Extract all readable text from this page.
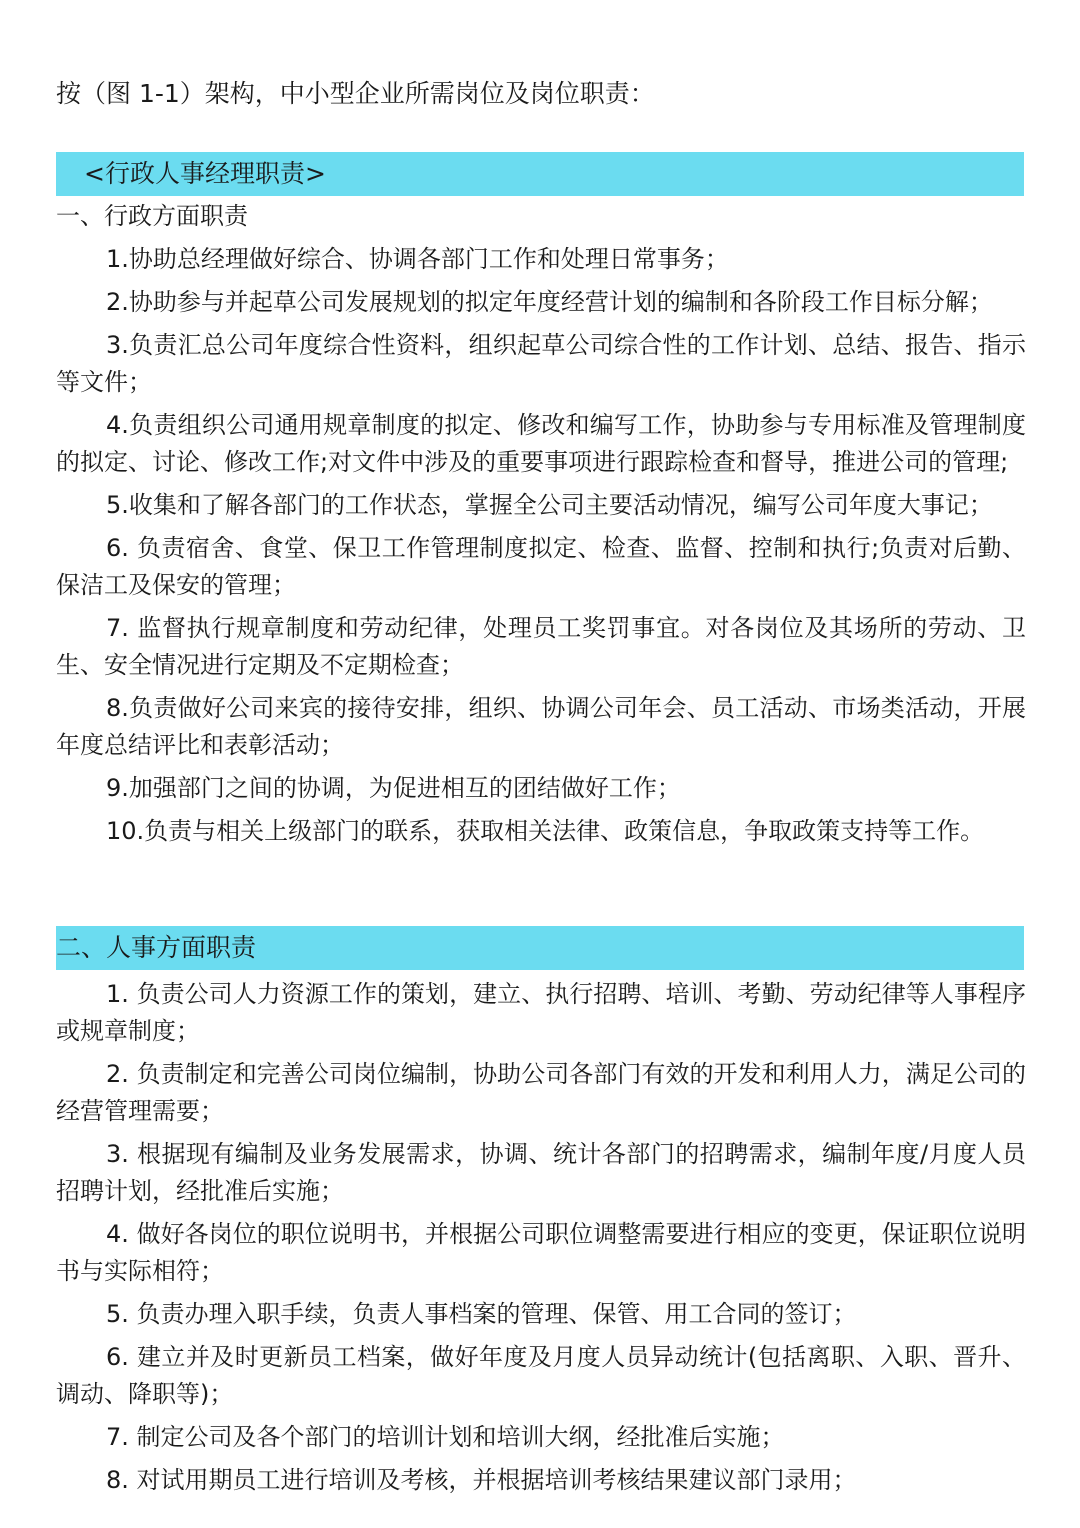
按（图 1-1）架构，中小型企业所需岗位及岗位职责：
<行政人事经理职责>
一、行政方面职责
1.协助总经理做好综合、协调各部门工作和处理日常事务；
2.协助参与并起草公司发展规划的拟定年度经营计划的编制和各阶段工作目标分解；
3.负责汇总公司年度综合性资料，组织起草公司综合性的工作计划、总结、报告、指示等文件；
4.负责组织公司通用规章制度的拟定、修改和编写工作，协助参与专用标准及管理制度的拟定、讨论、修改工作;对文件中涉及的重要事项进行跟踪检查和督导，推进公司的管理;
5.收集和了解各部门的工作状态，掌握全公司主要活动情况，编写公司年度大事记；
6. 负责宿舍、食堂、保卫工作管理制度拟定、检查、监督、控制和执行;负责对后勤、保洁工及保安的管理；
7. 监督执行规章制度和劳动纪律，处理员工奖罚事宜。对各岗位及其场所的劳动、卫生、安全情况进行定期及不定期检查；
8.负责做好公司来宾的接待安排，组织、协调公司年会、员工活动、市场类活动，开展年度总结评比和表彰活动；
9.加强部门之间的协调，为促进相互的团结做好工作；
10.负责与相关上级部门的联系，获取相关法律、政策信息，争取政策支持等工作。
二、人事方面职责
1. 负责公司人力资源工作的策划，建立、执行招聘、培训、考勤、劳动纪律等人事程序或规章制度；
2. 负责制定和完善公司岗位编制，协助公司各部门有效的开发和利用人力，满足公司的经营管理需要；
3. 根据现有编制及业务发展需求，协调、统计各部门的招聘需求，编制年度/月度人员招聘计划，经批准后实施；
4. 做好各岗位的职位说明书，并根据公司职位调整需要进行相应的变更，保证职位说明书与实际相符；
5. 负责办理入职手续，负责人事档案的管理、保管、用工合同的签订；
6. 建立并及时更新员工档案，做好年度及月度人员异动统计(包括离职、入职、晋升、调动、降职等)；
7. 制定公司及各个部门的培训计划和培训大纲，经批准后实施；
8. 对试用期员工进行培训及考核，并根据培训考核结果建议部门录用；
